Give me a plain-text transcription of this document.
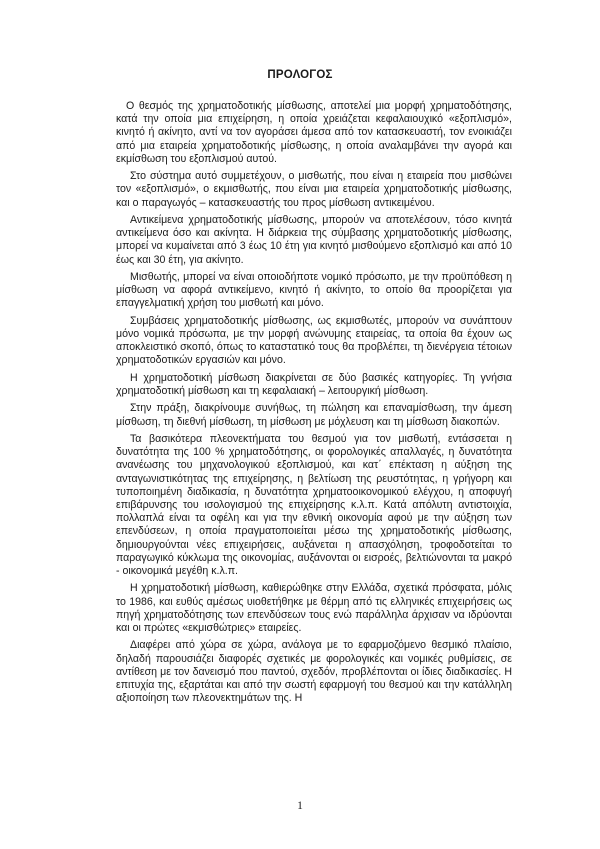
ΠΡΟΛΟΓΟΣ

Ο θεσμός της χρηματοδοτικής μίσθωσης, αποτελεί μια μορφή χρηματοδότησης, κατά την οποία μια επιχείρηση, η οποία χρειάζεται κεφαλαιουχικό «εξοπλισμό», κινητό ή ακίνητο, αντί να τον αγοράσει άμεσα από τον κατασκευαστή, τον ενοικιάζει από μια εταιρεία χρηματοδοτικής μίσθωσης, η οποία αναλαμβάνει την αγορά και εκμίσθωση του εξοπλισμού αυτού.

Στο σύστημα αυτό συμμετέχουν, ο μισθωτής, που είναι η εταιρεία που μισθώνει τον «εξοπλισμό», ο εκμισθωτής, που είναι μια εταιρεία χρηματοδοτικής μίσθωσης, και ο παραγωγός – κατασκευαστής του προς μίσθωση αντικειμένου.

Αντικείμενα χρηματοδοτικής μίσθωσης, μπορούν να αποτελέσουν, τόσο κινητά αντικείμενα όσο και ακίνητα. Η διάρκεια της σύμβασης χρηματοδοτικής μίσθωσης, μπορεί να κυμαίνεται από 3 έως 10 έτη για κινητό μισθούμενο εξοπλισμό και από 10 έως και 30 έτη, για ακίνητο.

Μισθωτής, μπορεί να είναι οποιοδήποτε νομικό πρόσωπο, με την προϋπόθεση η μίσθωση να αφορά αντικείμενο, κινητό ή ακίνητο, το οποίο θα προορίζεται για επαγγελματική χρήση του μισθωτή και μόνο.

Συμβάσεις χρηματοδοτικής μίσθωσης, ως εκμισθωτές, μπορούν να συνάπτουν μόνο νομικά πρόσωπα, με την μορφή ανώνυμης εταιρείας, τα οποία θα έχουν ως αποκλειστικό σκοπό, όπως το καταστατικό τους θα προβλέπει, τη διενέργεια τέτοιων χρηματοδοτικών εργασιών και μόνο.

Η χρηματοδοτική μίσθωση διακρίνεται σε δύο βασικές κατηγορίες. Τη γνήσια χρηματοδοτική μίσθωση και τη κεφαλαιακή – λειτουργική μίσθωση.

Στην πράξη, διακρίνουμε συνήθως, τη πώληση και επαναμίσθωση, την άμεση μίσθωση, τη διεθνή μίσθωση, τη μίσθωση με μόχλευση και τη μίσθωση διακοπών.

Τα βασικότερα πλεονεκτήματα του θεσμού για τον μισθωτή, εντάσσεται η δυνατότητα της 100 % χρηματοδότησης, οι φορολογικές απαλλαγές, η δυνατότητα ανανέωσης του μηχανολογικού εξοπλισμού, και κατ΄ επέκταση η αύξηση της ανταγωνιστικότητας της επιχείρησης, η βελτίωση της ρευστότητας, η γρήγορη και τυποποιημένη διαδικασία, η δυνατότητα χρηματοοικονομικού ελέγχου, η αποφυγή επιβάρυνσης του ισολογισμού της επιχείρησης κ.λ.π. Κατά απόλυτη αντιστοιχία, πολλαπλά είναι τα οφέλη και για την εθνική οικονομία αφού με την αύξηση των επενδύσεων, η οποία πραγματοποιείται μέσω της χρηματοδοτικής μίσθωσης, δημιουργούνται νέες επιχειρήσεις, αυξάνεται η απασχόληση, τροφοδοτείται το παραγωγικό κύκλωμα της οικονομίας, αυξάνονται οι εισροές, βελτιώνονται τα μακρό - οικονομικά μεγέθη κ.λ.π.

Η χρηματοδοτική μίσθωση, καθιερώθηκε στην Ελλάδα, σχετικά πρόσφατα, μόλις το 1986, και ευθύς αμέσως υιοθετήθηκε με θέρμη από τις ελληνικές επιχειρήσεις ως πηγή χρηματοδότησης των επενδύσεων τους ενώ παράλληλα άρχισαν να ιδρύονται και οι πρώτες «εκμισθώτριες» εταιρείες.

Διαφέρει από χώρα σε χώρα, ανάλογα με το εφαρμοζόμενο θεσμικό πλαίσιο, δηλαδή παρουσιάζει διαφορές σχετικές με φορολογικές και νομικές ρυθμίσεις, σε αντίθεση με τον δανεισμό που παντού, σχεδόν, προβλέπονται οι ίδιες διαδικασίες. Η επιτυχία της, εξαρτάται και από την σωστή εφαρμογή του θεσμού και την κατάλληλη αξιοποίηση των πλεονεκτημάτων της. Η

1
